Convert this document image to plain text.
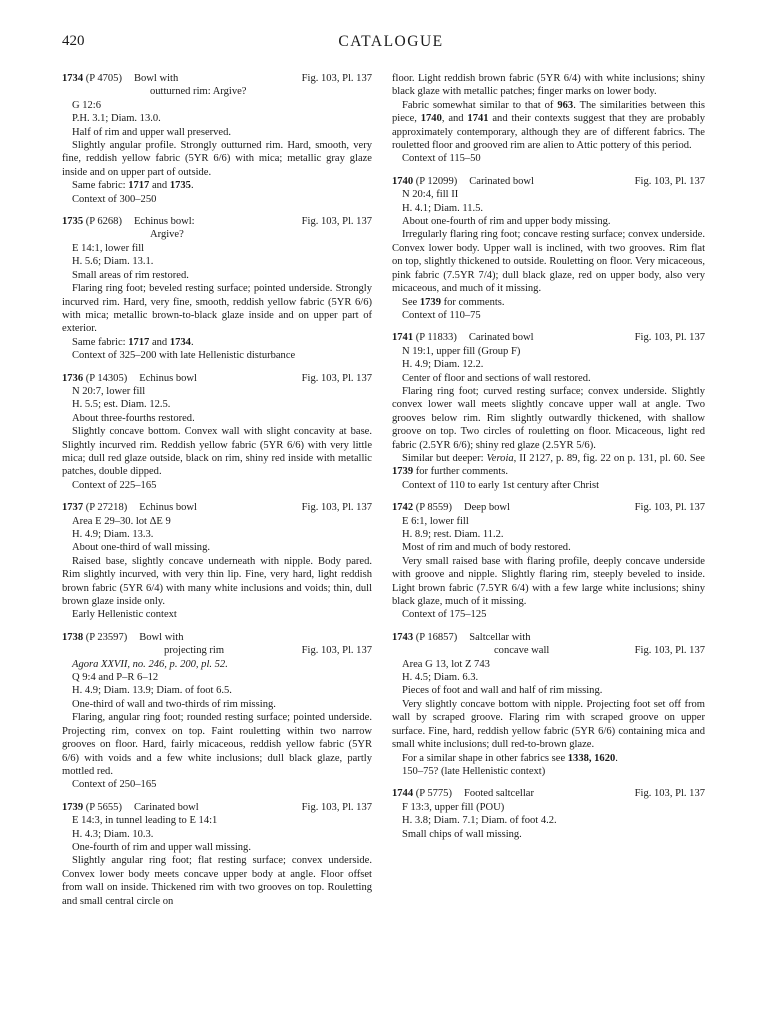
420	CATALOGUE
1734
(P 4705) Bowl with	Fig. 103, Pl. 137

outturned rim: Argive?

G 12:6

P.H. 3.1; Diam. 13.0.

Half of rim and upper wall preserved.

Slightly angular profile. Strongly outturned rim. Hard, smooth, very fine, reddish yellow fabric (5YR 6/6) with mica; metallic gray glaze inside and on upper part of outside.

Same fabric: 1717 and 1735.

Context of 300–250

1735
(P 6268) Echinus bowl:	Fig. 103, Pl. 137

Argive?

E 14:1, lower fill

H. 5.6; Diam. 13.1.

Small areas of rim restored.

Flaring ring foot; beveled resting surface; pointed underside. Strongly incurved rim. Hard, very fine, smooth, reddish yellow fabric (5YR 6/6) with mica; metallic brown-to-black glaze inside and on upper part of exterior.

Same fabric: 1717 and 1734.

Context of 325–200 with late Hellenistic disturbance

1736
(P 14305) Echinus bowl	Fig. 103, Pl. 137

N 20:7, lower fill

H. 5.5; est. Diam. 12.5.

About three-fourths restored.

Slightly concave bottom. Convex wall with slight concavity at base. Slightly incurved rim. Reddish yellow fabric (5YR 6/6) with very little mica; dull red glaze outside, black on rim, shiny red inside with metallic patches, double dipped.

Context of 225–165

1737
(P 27218) Echinus bowl	Fig. 103, Pl. 137

Area E 29–30. lot ΔE 9

H. 4.9; Diam. 13.3.

About one-third of wall missing.

Raised base, slightly concave underneath with nipple. Body pared. Rim slightly incurved, with very thin lip. Fine, very hard, light reddish brown fabric (5YR 6/4) with many white inclusions and voids; thin, dull brown glaze inside only.

Early Hellenistic context

1738
(P 23597) Bowl with
projecting rim	Fig. 103, Pl. 137

Agora XXVII, no. 246, p. 200, pl. 52.

Q 9:4 and P–R 6–12

H. 4.9; Diam. 13.9; Diam. of foot 6.5.

One-third of wall and two-thirds of rim missing.

Flaring, angular ring foot; rounded resting surface; pointed underside. Projecting rim, convex on top. Faint rouletting within two narrow grooves on floor. Hard, fairly micaceous, reddish yellow fabric (5YR 6/6) with voids and a few white inclusions; dull black glaze, partly mottled red.

Context of 250–165

1739
(P 5655) Carinated bowl	Fig. 103, Pl. 137

E 14:3, in tunnel leading to E 14:1

H. 4.3; Diam. 10.3.

One-fourth of rim and upper wall missing.

Slightly angular ring foot; flat resting surface; convex underside. Convex lower body meets concave upper body at angle. Floor offset from wall on inside. Thickened rim with two grooves on top. Rouletting and small central circle on

floor. Light reddish brown fabric (5YR 6/4) with white inclusions; shiny black glaze with metallic patches; finger marks on lower body.

Fabric somewhat similar to that of 963. The similarities between this piece, 1740, and 1741 and their contexts suggest that they are probably approximately contemporary, although they are of different fabrics. The rouletted floor and grooved rim are alien to Attic pottery of this period.

Context of 115–50

1740
(P 12099) Carinated bowl	Fig. 103, Pl. 137

N 20:4, fill II

H. 4.1; Diam. 11.5.

About one-fourth of rim and upper body missing.

Irregularly flaring ring foot; concave resting surface; convex underside. Convex lower body. Upper wall is inclined, with two grooves. Rim flat on top, slightly thickened to outside. Rouletting on floor. Very micaceous, pink fabric (7.5YR 7/4); dull black glaze, red on upper body, also very micaceous, and much of it missing.

See 1739 for comments.

Context of 110–75

1741
(P 11833) Carinated bowl	Fig. 103, Pl. 137

N 19:1, upper fill (Group F)

H. 4.9; Diam. 12.2.

Center of floor and sections of wall restored.

Flaring ring foot; curved resting surface; convex underside. Slightly convex lower wall meets slightly concave upper wall at angle. Two grooves below rim. Rim slightly outwardly thickened, with shallow groove on top. Two circles of rouletting on floor. Micaceous, light red fabric (2.5YR 6/6); shiny red glaze (2.5YR 5/6).

Similar but deeper: Veroia, II 2127, p. 89, fig. 22 on p. 131, pl. 60. See 1739 for further comments.

Context of 110 to early 1st century after Christ

1742
(P 8559) Deep bowl	Fig. 103, Pl. 137

E 6:1, lower fill

H. 8.9; rest. Diam. 11.2.

Most of rim and much of body restored.

Very small raised base with flaring profile, deeply concave underside with groove and nipple. Slightly flaring rim, steeply beveled to inside. Light brown fabric (7.5YR 6/4) with a few large white inclusions; shiny black glaze, much of it missing.

Context of 175–125

1743
(P 16857) Saltcellar with
concave wall	Fig. 103, Pl. 137

Area G 13, lot Z 743

H. 4.5; Diam. 6.3.

Pieces of foot and wall and half of rim missing.

Very slightly concave bottom with nipple. Projecting foot set off from wall by scraped groove. Flaring rim with scraped groove on upper surface. Fine, hard, reddish yellow fabric (5YR 6/6) containing mica and small white inclusions; dull red-to-brown glaze.

For a similar shape in other fabrics see 1338, 1620.

150–75? (late Hellenistic context)

1744
(P 5775) Footed saltcellar	Fig. 103, Pl. 137

F 13:3, upper fill (POU)

H. 3.8; Diam. 7.1; Diam. of foot 4.2.

Small chips of wall missing.
